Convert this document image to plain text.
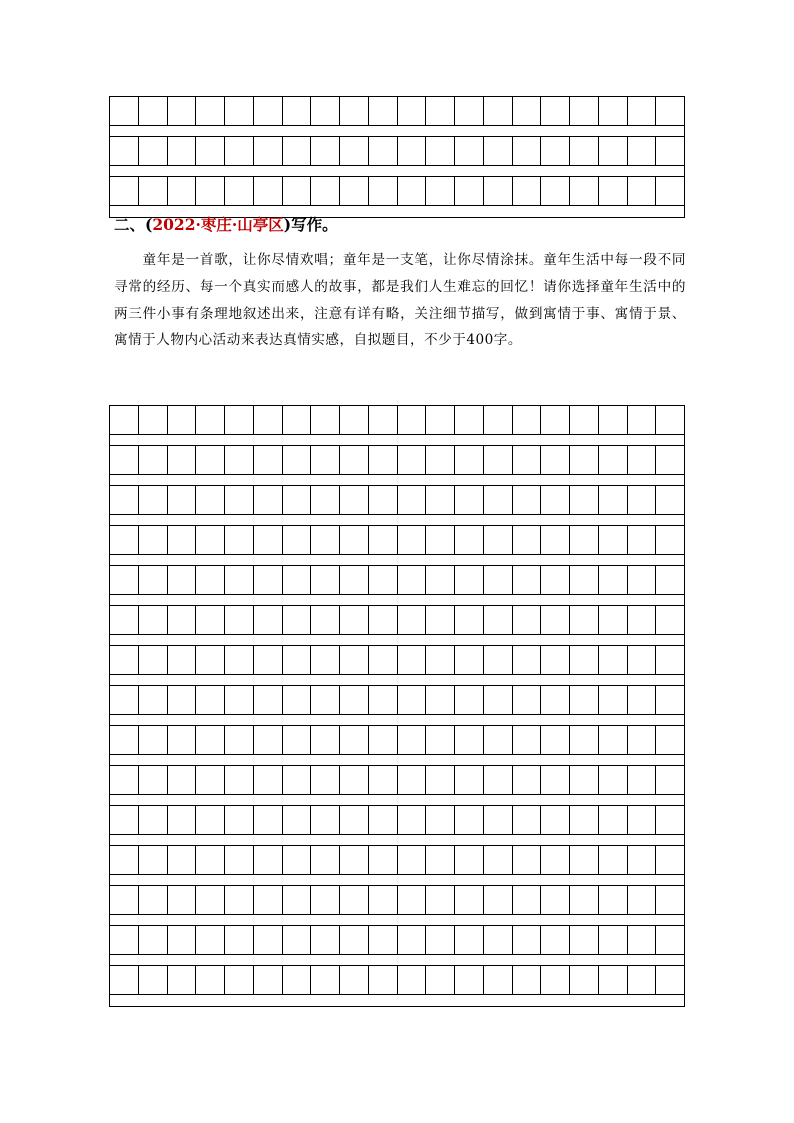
二、(2022·枣庄·山亭区)写作。

童年是一首歌，让你尽情欢唱；童年是一支笔，让你尽情涂抹。童年生活中每一段不同寻常的经历、每一个真实而感人的故事，都是我们人生难忘的回忆！请你选择童年生活中的两三件小事有条理地叙述出来，注意有详有略，关注细节描写，做到寓情于事、寓情于景、寓情于人物内心活动来表达真情实感，自拟题目，不少于400字。
